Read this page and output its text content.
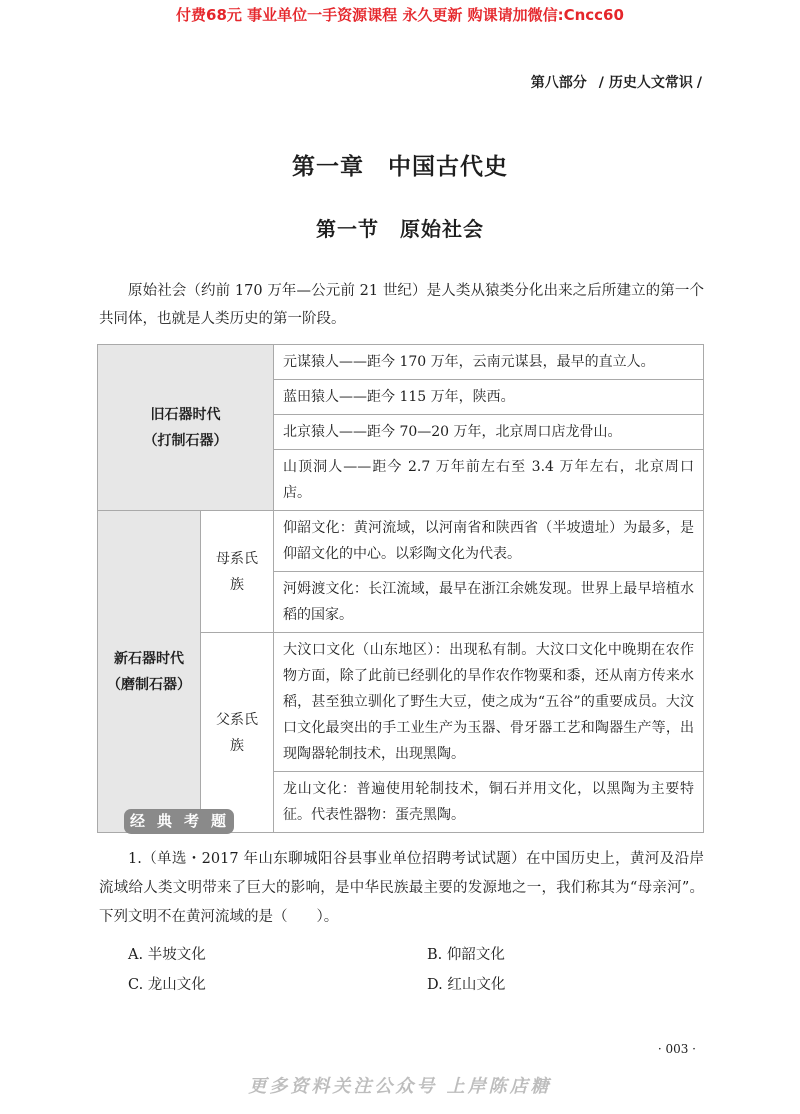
付费68元 事业单位一手资源课程 永久更新 购课请加微信:Cncc60
第八部分 / 历史人文常识 /
第一章　中国古代史
第一节　原始社会
原始社会（约前 170 万年—公元前 21 世纪）是人类从猿类分化出来之后所建立的第一个共同体，也就是人类历史的第一阶段。
旧石器时代
（打制石器）		元谋猿人——距今 170 万年，云南元谋县，最早的直立人。
		蓝田猿人——距今 115 万年，陕西。
		北京猿人——距今 70—20 万年，北京周口店龙骨山。
		山顶洞人——距今 2.7 万年前左右至 3.4 万年左右，北京周口店。

新石器时代
（磨制石器）	母系氏族	仰韶文化：黄河流域，以河南省和陕西省（半坡遗址）为最多，是仰韶文化的中心。以彩陶文化为代表。
		河姆渡文化：长江流域，最早在浙江余姚发现。世界上最早培植水稻的国家。
	父系氏族	大汶口文化（山东地区）：出现私有制。大汶口文化中晚期在农作物方面，除了此前已经驯化的旱作农作物粟和黍，还从南方传来水稻，甚至独立驯化了野生大豆，使之成为“五谷”的重要成员。大汶口文化最突出的手工业生产为玉器、骨牙器工艺和陶器生产等，出现陶器轮制技术，出现黑陶。
		龙山文化：普遍使用轮制技术，铜石并用文化，以黑陶为主要特征。代表性器物：蛋壳黑陶。
经 典 考 题
1.（单选・2017 年山东聊城阳谷县事业单位招聘考试试题）在中国历史上，黄河及沿岸流域给人类文明带来了巨大的影响，是中华民族最主要的发源地之一，我们称其为“母亲河”。下列文明不在黄河流域的是（　　）。
A. 半坡文化	B. 仰韶文化
C. 龙山文化	D. 红山文化
· 003 ·
更多资料关注公众号 上岸陈店糖
